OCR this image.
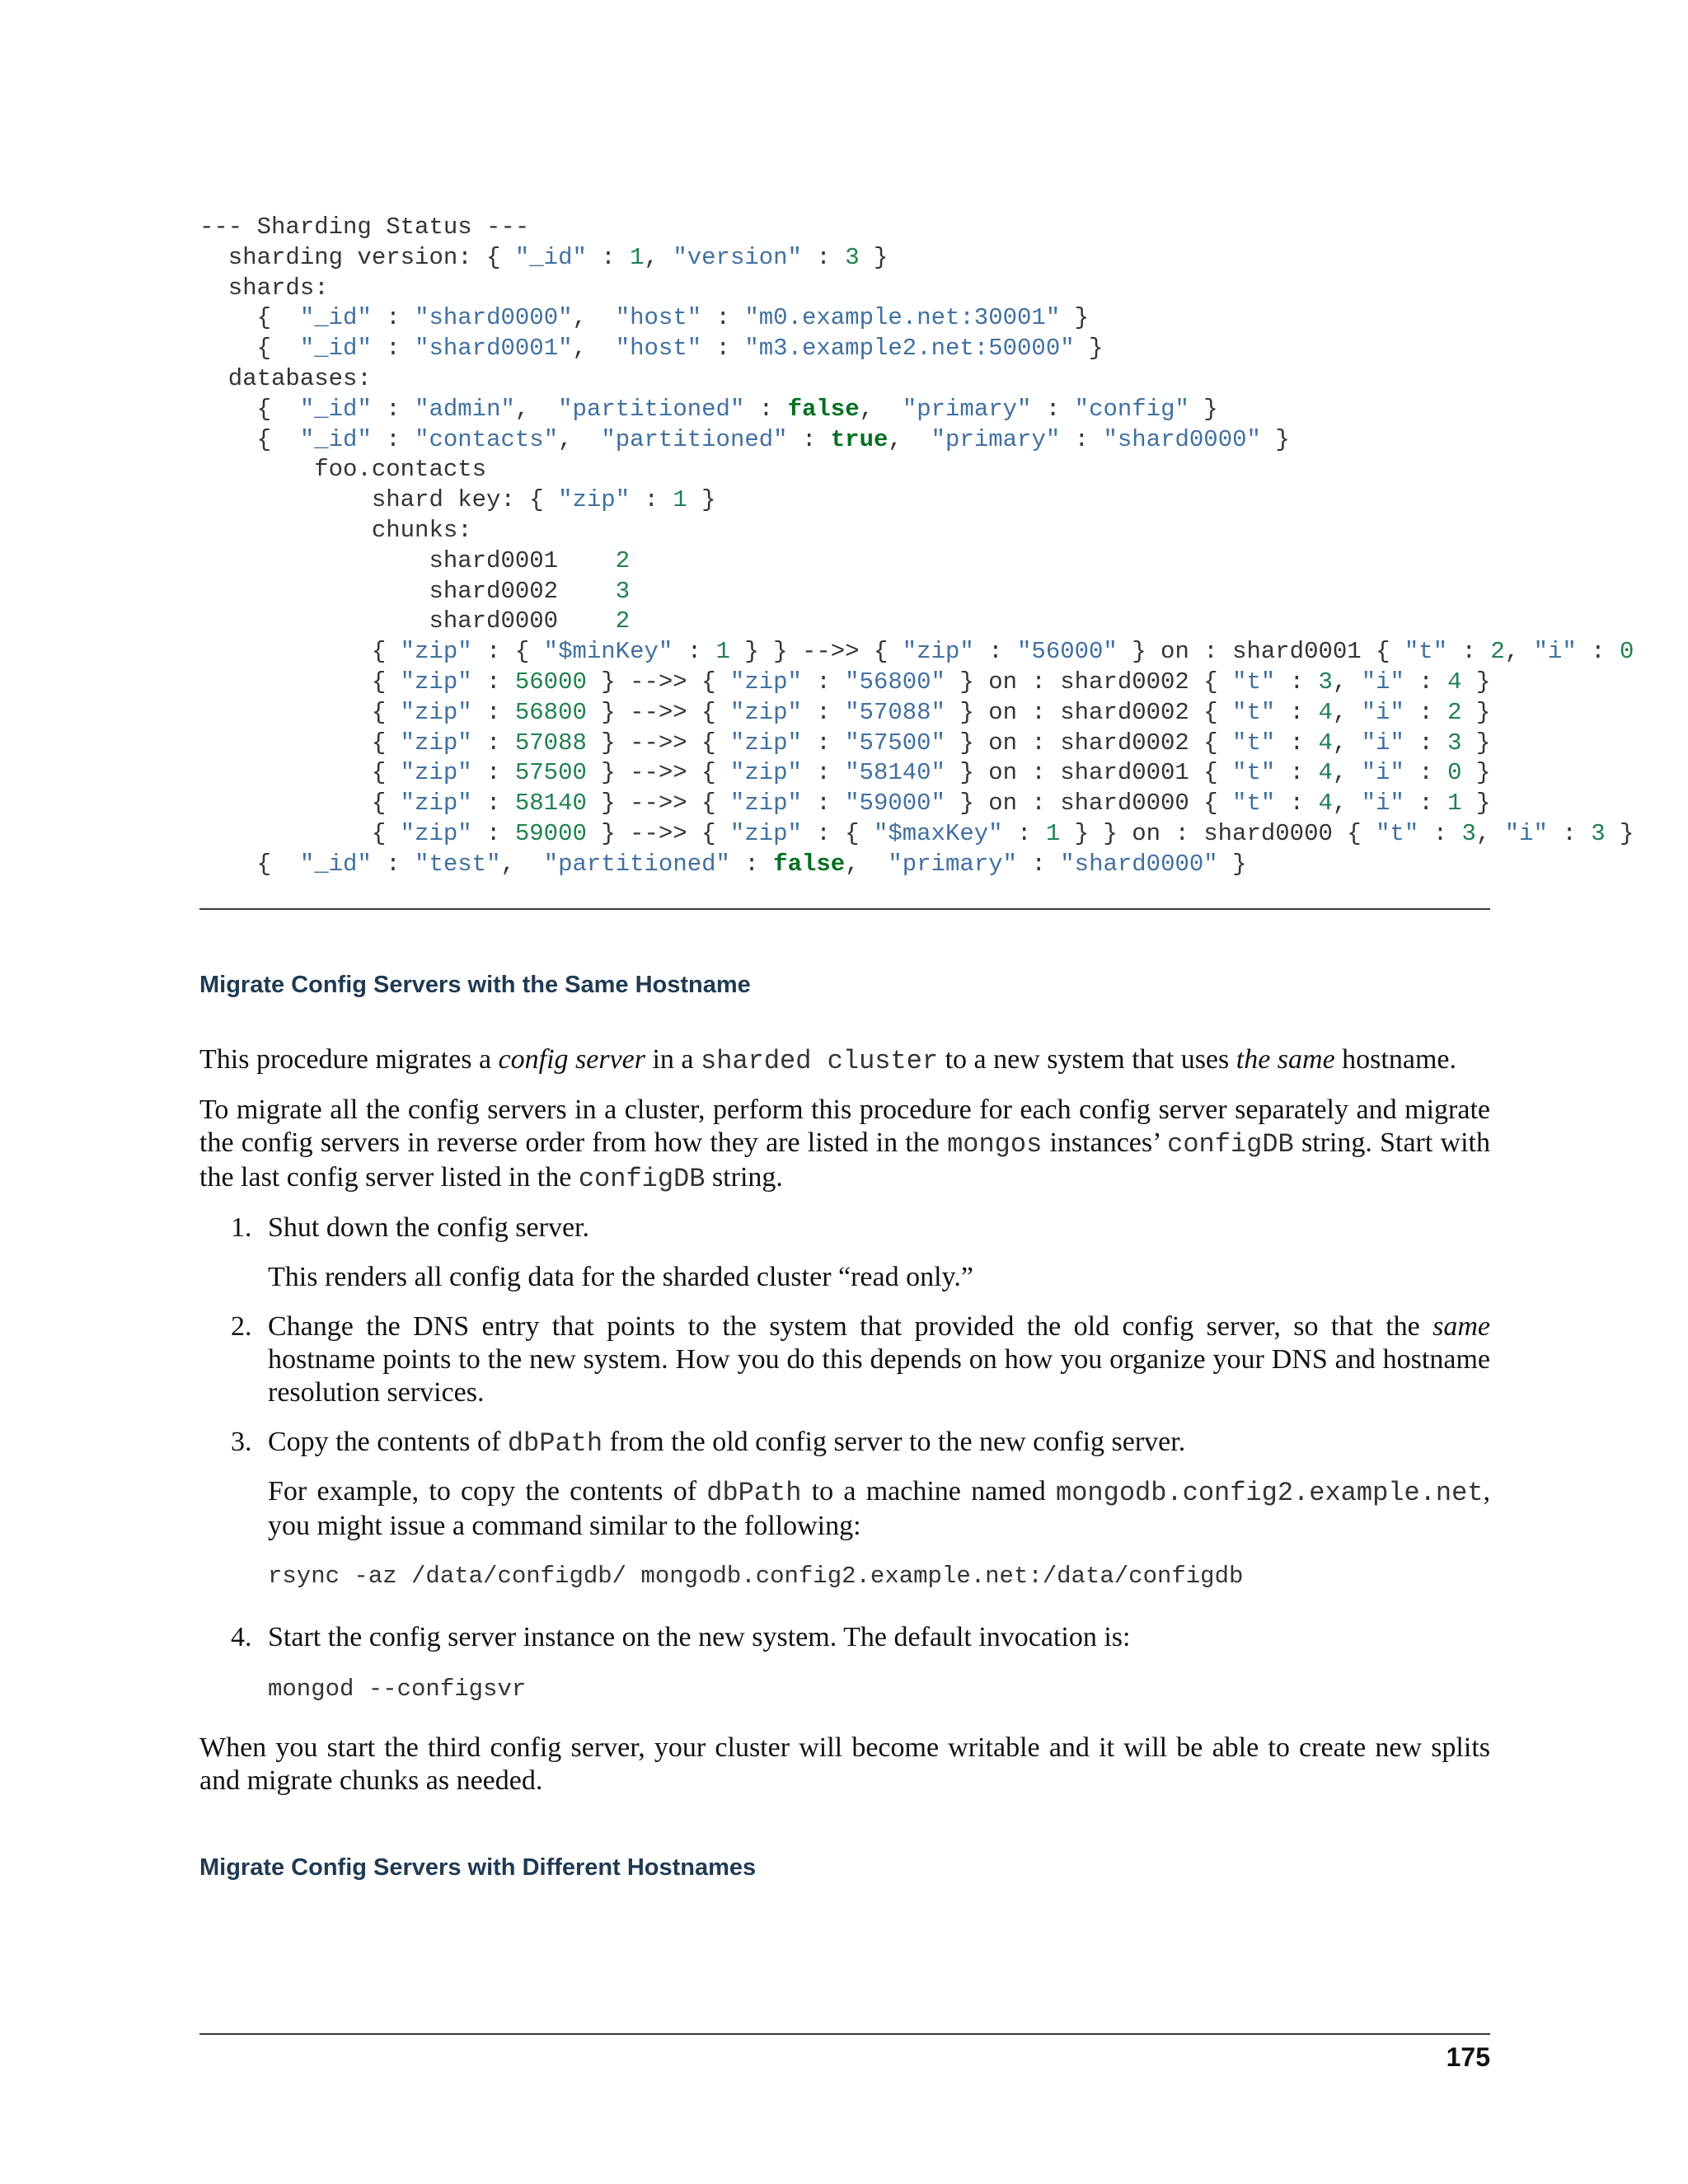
--- Sharding Status ---
sharding version: { "_id" : 1, "version" : 3 }
shards:
{  "_id" : "shard0000",  "host" : "m0.example.net:30001" }
{  "_id" : "shard0001",  "host" : "m3.example2.net:50000" }
databases:
{  "_id" : "admin",  "partitioned" : false,  "primary" : "config" }
{  "_id" : "contacts",  "partitioned" : true,  "primary" : "shard0000" }
foo.contacts
shard key: { "zip" : 1 }
chunks:
shard0001    2
shard0002    3
shard0000    2
{ "zip" : { "$minKey" : 1 } } -->> { "zip" : "56000" } on : shard0001 { "t" : 2, "i" : 0
{ "zip" : 56000 } -->> { "zip" : "56800" } on : shard0002 { "t" : 3, "i" : 4 }
{ "zip" : 56800 } -->> { "zip" : "57088" } on : shard0002 { "t" : 4, "i" : 2 }
{ "zip" : 57088 } -->> { "zip" : "57500" } on : shard0002 { "t" : 4, "i" : 3 }
{ "zip" : 57500 } -->> { "zip" : "58140" } on : shard0001 { "t" : 4, "i" : 0 }
{ "zip" : 58140 } -->> { "zip" : "59000" } on : shard0000 { "t" : 4, "i" : 1 }
{ "zip" : 59000 } -->> { "zip" : { "$maxKey" : 1 } } on : shard0000 { "t" : 3, "i" : 3 }
{  "_id" : "test",  "partitioned" : false,  "primary" : "shard0000" }
Migrate Config Servers with the Same Hostname

This procedure migrates a config server in a sharded cluster to a new system that uses the same hostname.

To migrate all the config servers in a cluster, perform this procedure for each config server separately and migrate the config servers in reverse order from how they are listed in the mongos instances’ configDB string. Start with the last config server listed in the configDB string.

1. Shut down the config server.

This renders all config data for the sharded cluster “read only.”

2. Change the DNS entry that points to the system that provided the old config server, so that the same hostname points to the new system. How you do this depends on how you organize your DNS and hostname resolution services.

3. Copy the contents of dbPath from the old config server to the new config server.

For example, to copy the contents of dbPath to a machine named mongodb.config2.example.net, you might issue a command similar to the following:

rsync -az /data/configdb/ mongodb.config2.example.net:/data/configdb
4. Start the config server instance on the new system. The default invocation is:

mongod --configsvr

When you start the third config server, your cluster will become writable and it will be able to create new splits and migrate chunks as needed.

Migrate Config Servers with Different Hostnames
175
